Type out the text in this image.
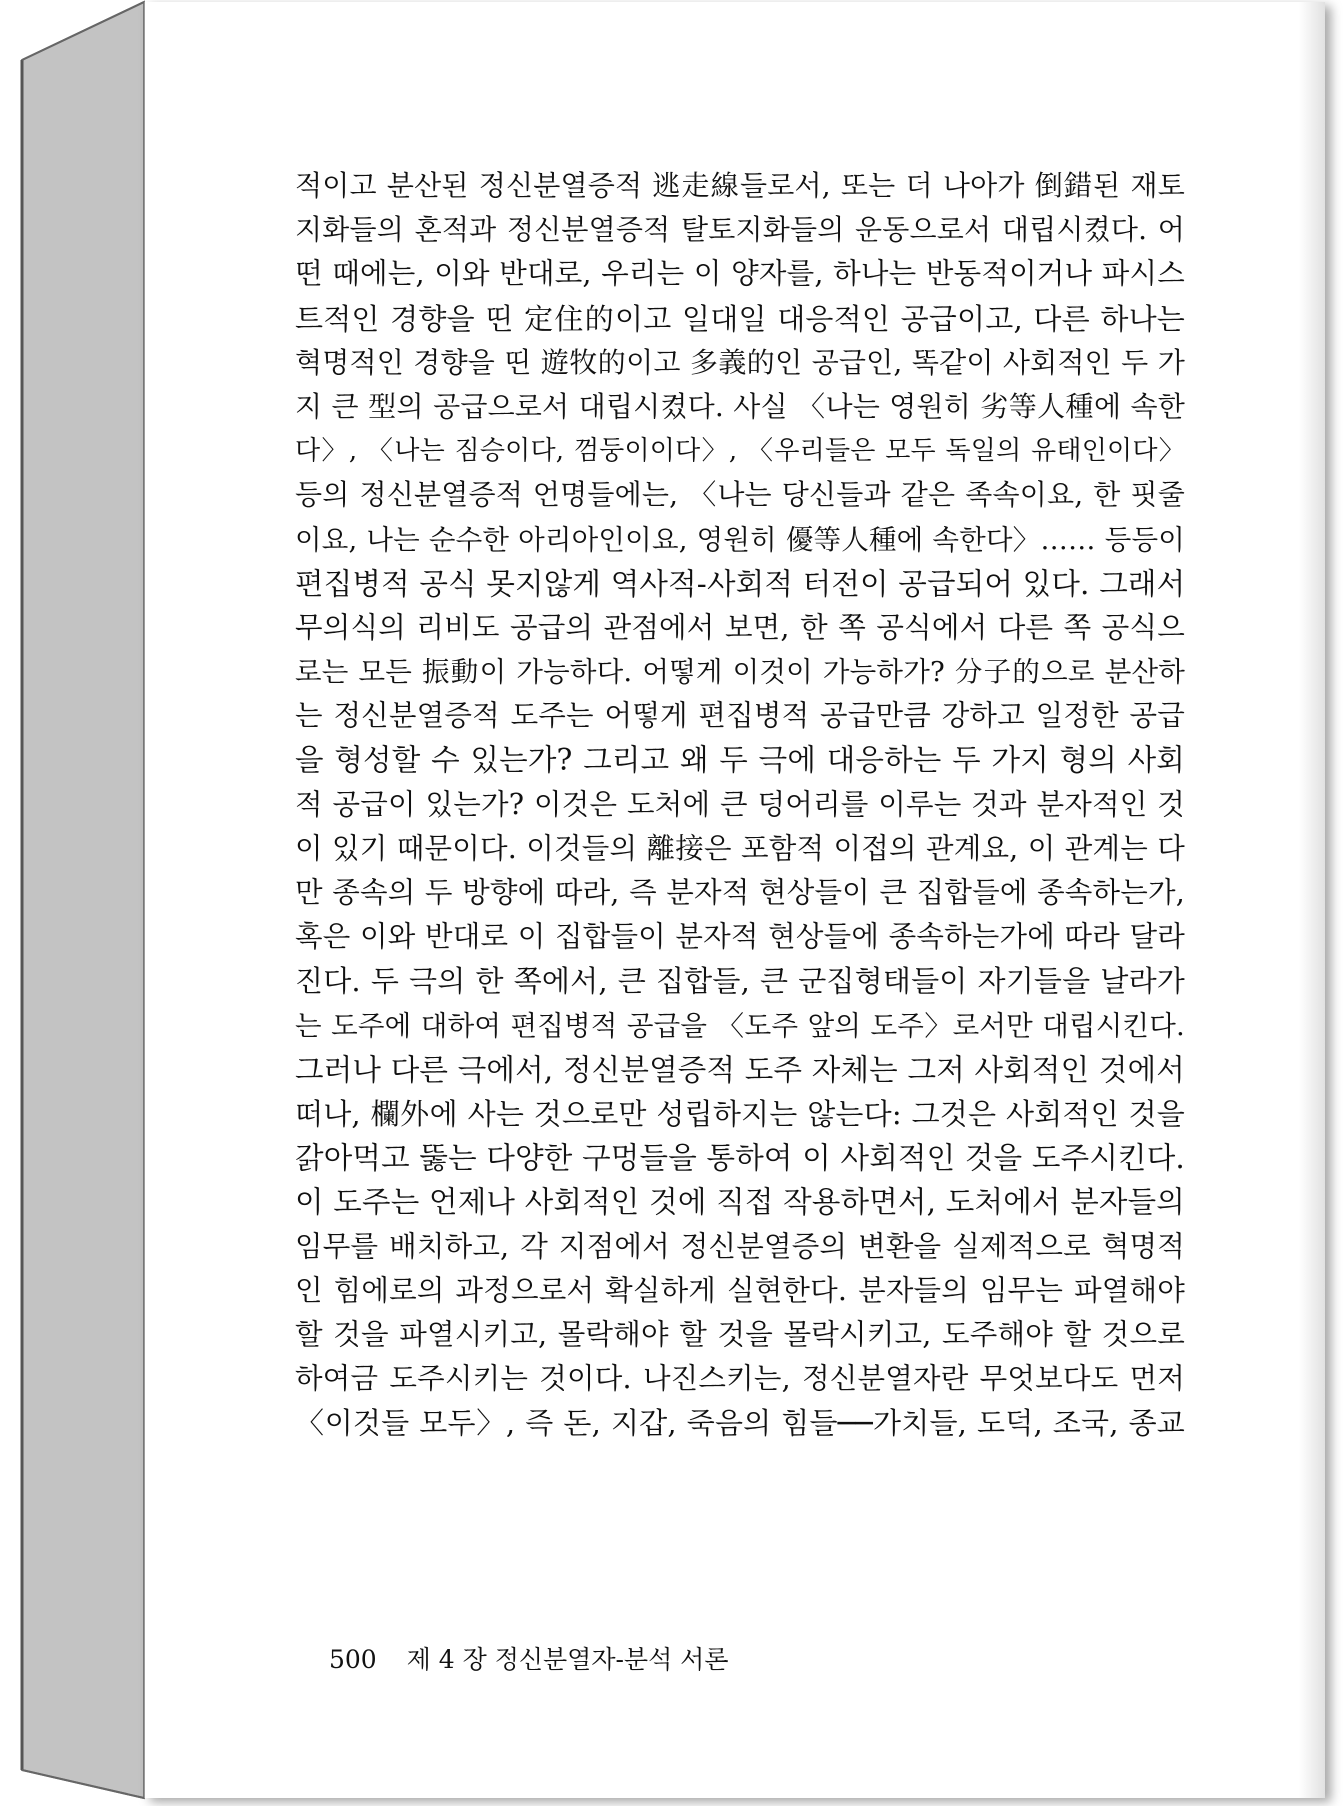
적이고 분산된 정신분열증적 逃走線들로서, 또는 더 나아가 倒錯된 재토
지화들의 혼적과 정신분열증적 탈토지화들의 운동으로서 대립시켰다. 어
떤 때에는, 이와 반대로, 우리는 이 양자를, 하나는 반동적이거나 파시스
트적인 경향을 띤 定住的이고 일대일 대응적인 공급이고, 다른 하나는
혁명적인 경향을 띤 遊牧的이고 多義的인 공급인, 똑같이 사회적인 두 가
지 큰 型의 공급으로서 대립시켰다. 사실 〈나는 영원히 劣等人種에 속한
다〉, 〈나는 짐승이다, 껌둥이이다〉, 〈우리들은 모두 독일의 유태인이다〉
등의 정신분열증적 언명들에는, 〈나는 당신들과 같은 족속이요, 한 핏줄
이요, 나는 순수한 아리아인이요, 영원히 優等人種에 속한다〉…… 등등이
편집병적 공식 못지않게 역사적-사회적 터전이 공급되어 있다. 그래서
무의식의 리비도 공급의 관점에서 보면, 한 쪽 공식에서 다른 쪽 공식으
로는 모든 振動이 가능하다. 어떻게 이것이 가능하가? 分子的으로 분산하
는 정신분열증적 도주는 어떻게 편집병적 공급만큼 강하고 일정한 공급
을 형성할 수 있는가? 그리고 왜 두 극에 대응하는 두 가지 형의 사회
적 공급이 있는가? 이것은 도처에 큰 덩어리를 이루는 것과 분자적인 것
이 있기 때문이다. 이것들의 離接은 포함적 이접의 관계요, 이 관계는 다
만 종속의 두 방향에 따라, 즉 분자적 현상들이 큰 집합들에 종속하는가,
혹은 이와 반대로 이 집합들이 분자적 현상들에 종속하는가에 따라 달라
진다. 두 극의 한 쪽에서, 큰 집합들, 큰 군집형태들이 자기들을 날라가
는 도주에 대하여 편집병적 공급을 〈도주 앞의 도주〉로서만 대립시킨다.
그러나 다른 극에서, 정신분열증적 도주 자체는 그저 사회적인 것에서
떠나, 欄外에 사는 것으로만 성립하지는 않는다: 그것은 사회적인 것을
갉아먹고 뚫는 다양한 구멍들을 통하여 이 사회적인 것을 도주시킨다.
이 도주는 언제나 사회적인 것에 직접 작용하면서, 도처에서 분자들의
임무를 배치하고, 각 지점에서 정신분열증의 변환을 실제적으로 혁명적
인 힘에로의 과정으로서 확실하게 실현한다. 분자들의 임무는 파열해야
할 것을 파열시키고, 몰락해야 할 것을 몰락시키고, 도주해야 할 것으로
하여금 도주시키는 것이다. 나진스키는, 정신분열자란 무엇보다도 먼저
〈이것들 모두〉, 즉 돈, 지갑, 죽음의 힘들──가치들, 도덕, 조국, 종교
500 제 4 장 정신분열자-분석 서론
